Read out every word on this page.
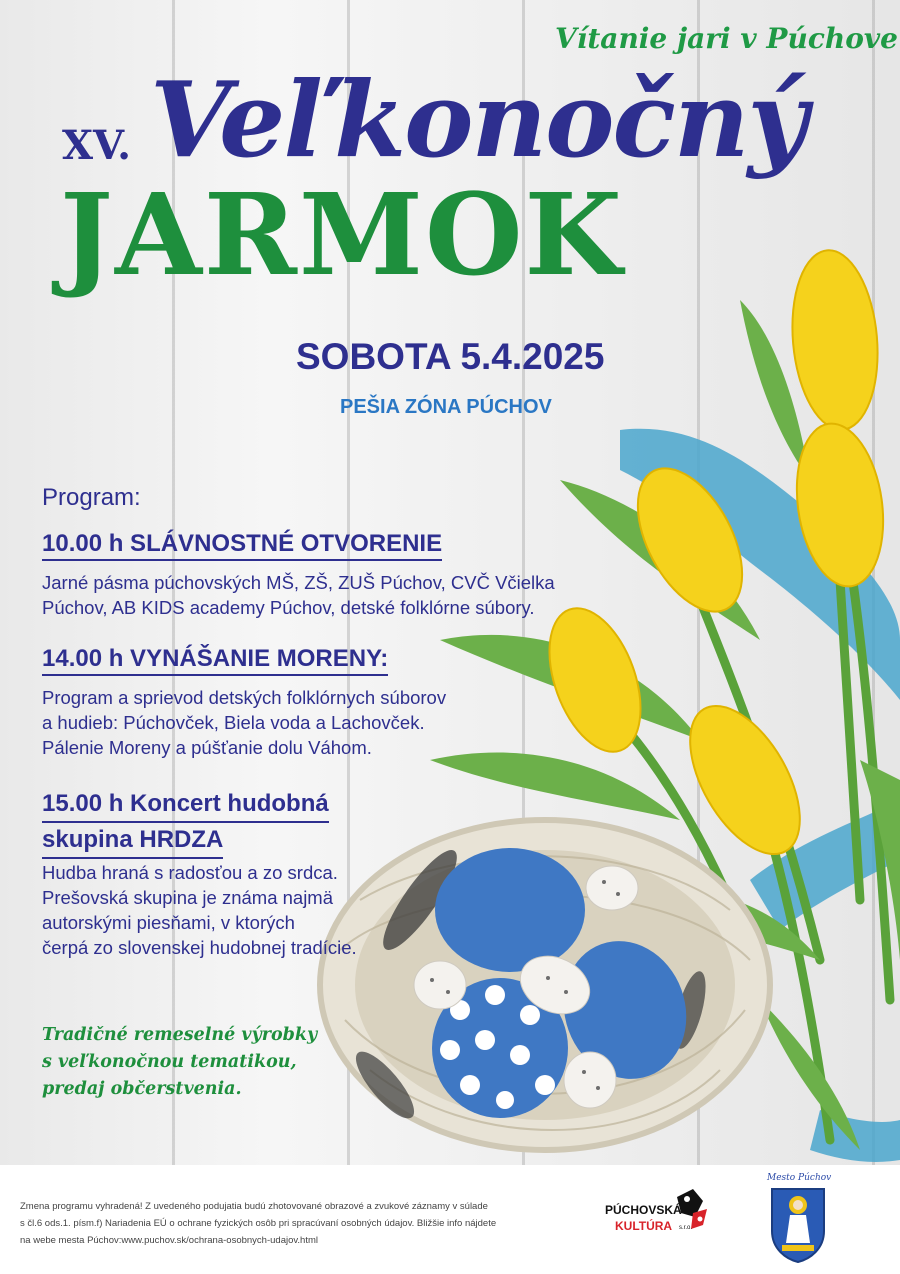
Vítanie jari v Púchove
XV. Veľkonočný
JARMOK
SOBOTA 5.4.2025
PEŠIA ZÓNA PÚCHOV
Program:
10.00 h SLÁVNOSTNÉ OTVORENIE
Jarné pásma púchovských MŠ, ZŠ, ZUŠ Púchov, CVČ Včielka
Púchov, AB KIDS academy Púchov, detské folklórne súbory.
14.00 h VYNÁŠANIE MORENY:
Program a sprievod detských folklórnych súborov
a hudieb: Púchovček, Biela voda a Lachovček.
Pálenie Moreny a púšťanie dolu Váhom.
15.00 h Koncert hudobná
skupina HRDZA
Hudba hraná s radosťou a zo srdca.
Prešovská skupina je známa najmä
autorskými piesňami, v ktorých
čerpá zo slovenskej hudobnej tradície.
Tradičné remeselné výrobky
s veľkonočnou tematikou,
predaj občerstvenia.
Zmena programu vyhradená! Z uvedeného podujatia budú zhotovované obrazové a zvukové záznamy v súlade
s čl.6 ods.1. písm.f) Nariadenia EÚ o ochrane fyzických osôb pri spracúvaní osobných údajov. Bližšie info nájdete
na webe mesta Púchov:www.puchov.sk/ochrana-osobnych-udajov.html
PÚCHOVSKÁ
KULTÚRA s.r.o.
Mesto Púchov
